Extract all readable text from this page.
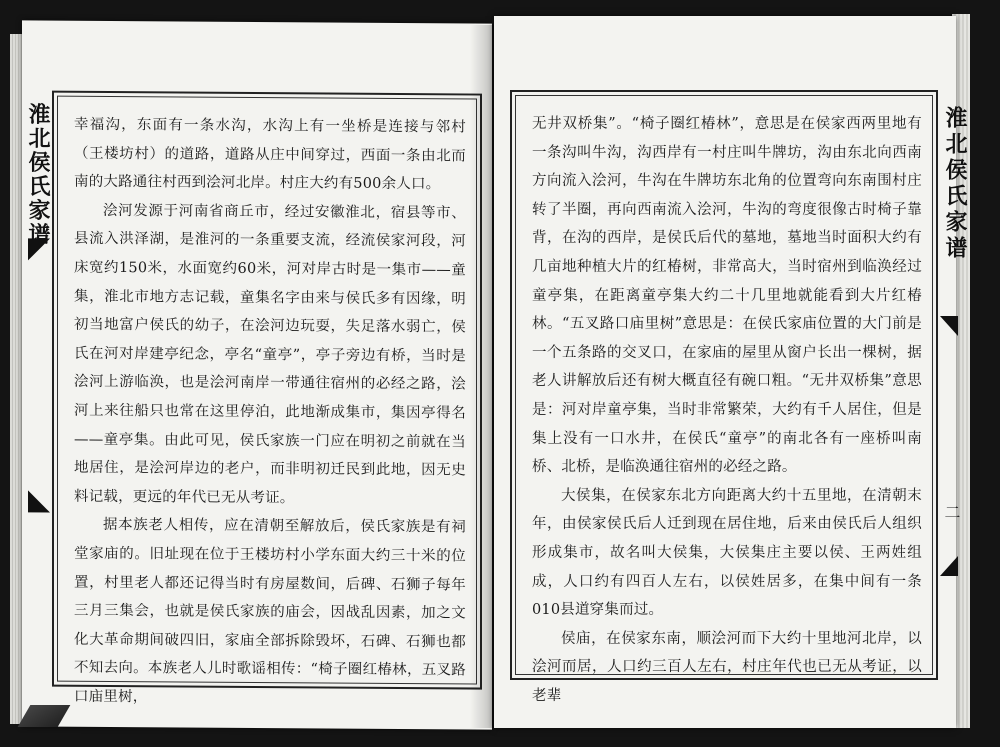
淮北侯氏家谱 幸福沟，东面有一条水沟，水沟上有一坐桥是连接与邻村（王楼坊村）的道路，道路从庄中间穿过，西面一条由北而南的大路通往村西到浍河北岸。村庄大约有500余人口。

浍河发源于河南省商丘市，经过安徽淮北，宿县等市、县流入洪泽湖，是淮河的一条重要支流，经流侯家河段，河床宽约150米，水面宽约60米，河对岸古时是一集市——童集，淮北市地方志记载，童集名字由来与侯氏多有因缘，明初当地富户侯氏的幼子，在浍河边玩耍，失足落水弱亡，侯氏在河对岸建亭纪念，亭名“童亭”，亭子旁边有桥，当时是浍河上游临涣，也是浍河南岸一带通往宿州的必经之路，浍河上来往船只也常在这里停泊，此地渐成集市，集因亭得名——童亭集。由此可见，侯氏家族一门应在明初之前就在当地居住，是浍河岸边的老户，而非明初迁民到此地，因无史料记载，更远的年代已无从考证。

据本族老人相传，应在清朝至解放后，侯氏家族是有祠堂家庙的。旧址现在位于王楼坊村小学东面大约三十米的位置，村里老人都还记得当时有房屋数间，后碑、石狮子每年三月三集会，也就是侯氏家族的庙会，因战乱因素，加之文化大革命期间破四旧，家庙全部拆除毁坏，石碑、石狮也都不知去向。本族老人儿时歌谣相传：“椅子圈红椿林，五叉路口庙里树，

无井双桥集”。“椅子圈红椿林”，意思是在侯家西两里地有一条沟叫牛沟，沟西岸有一村庄叫牛牌坊，沟由东北向西南方向流入浍河，牛沟在牛牌坊东北角的位置弯向东南围村庄转了半圈，再向西南流入浍河，牛沟的弯度很像古时椅子靠背，在沟的西岸，是侯氏后代的墓地，墓地当时面积大约有几亩地种植大片的红椿树，非常高大，当时宿州到临涣经过童亭集，在距离童亭集大约二十几里地就能看到大片红椿林。“五叉路口庙里树”意思是：在侯氏家庙位置的大门前是一个五条路的交叉口，在家庙的屋里从窗户长出一棵树，据老人讲解放后还有树大概直径有碗口粗。“无井双桥集”意思是：河对岸童亭集，当时非常繁荣，大约有千人居住，但是集上没有一口水井，在侯氏“童亭”的南北各有一座桥叫南桥、北桥，是临涣通往宿州的必经之路。

大侯集，在侯家东北方向距离大约十五里地，在清朝末年，由侯家侯氏后人迁到现在居住地，后来由侯氏后人组织形成集市，故名叫大侯集，大侯集庄主要以侯、王两姓组成，人口约有四百人左右，以侯姓居多，在集中间有一条010县道穿集而过。

侯庙，在侯家东南，顺浍河而下大约十里地河北岸，以浍河而居，人口约三百人左右，村庄年代也已无从考证，以老辈

淮北侯氏家谱
二
